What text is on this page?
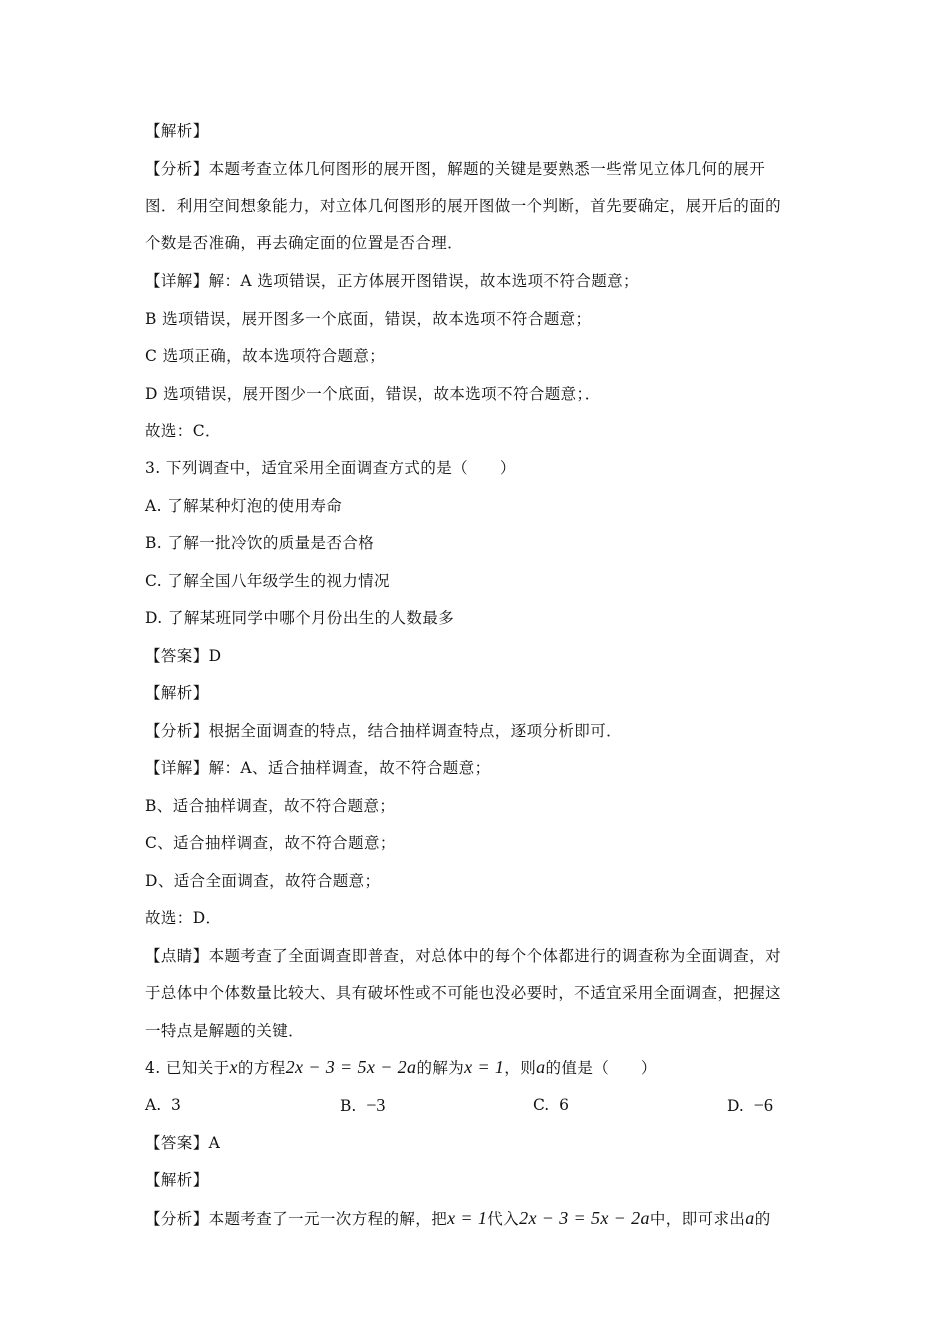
【解析】
【分析】本题考查立体几何图形的展开图，解题的关键是要熟悉一些常见立体几何的展开
图．利用空间想象能力，对立体几何图形的展开图做一个判断，首先要确定，展开后的面的
个数是否准确，再去确定面的位置是否合理．
【详解】解：A 选项错误，正方体展开图错误，故本选项不符合题意；
B 选项错误，展开图多一个底面，错误，故本选项不符合题意；
C 选项正确，故本选项符合题意；
D 选项错误，展开图少一个底面，错误，故本选项不符合题意；．
故选：C．
3. 下列调查中，适宜采用全面调查方式的是（　　）
A. 了解某种灯泡的使用寿命
B. 了解一批冷饮的质量是否合格
C. 了解全国八年级学生的视力情况
D. 了解某班同学中哪个月份出生的人数最多
【答案】D
【解析】
【分析】根据全面调查的特点，结合抽样调查特点，逐项分析即可．
【详解】解：A、适合抽样调查，故不符合题意；
B、适合抽样调查，故不符合题意；
C、适合抽样调查，故不符合题意；
D、适合全面调查，故符合题意；
故选：D．
【点睛】本题考查了全面调查即普查，对总体中的每个个体都进行的调查称为全面调查，对
于总体中个体数量比较大、具有破坏性或不可能也没必要时，不适宜采用全面调查，把握这
一特点是解题的关键．
4. 已知关于x的方程2x − 3 = 5x − 2a的解为x = 1，则a的值是（　　）
A. 3	B. −3	C. 6	D. −6
【答案】A
【解析】
【分析】本题考查了一元一次方程的解，把x = 1代入2x − 3 = 5x − 2a中，即可求出a的
